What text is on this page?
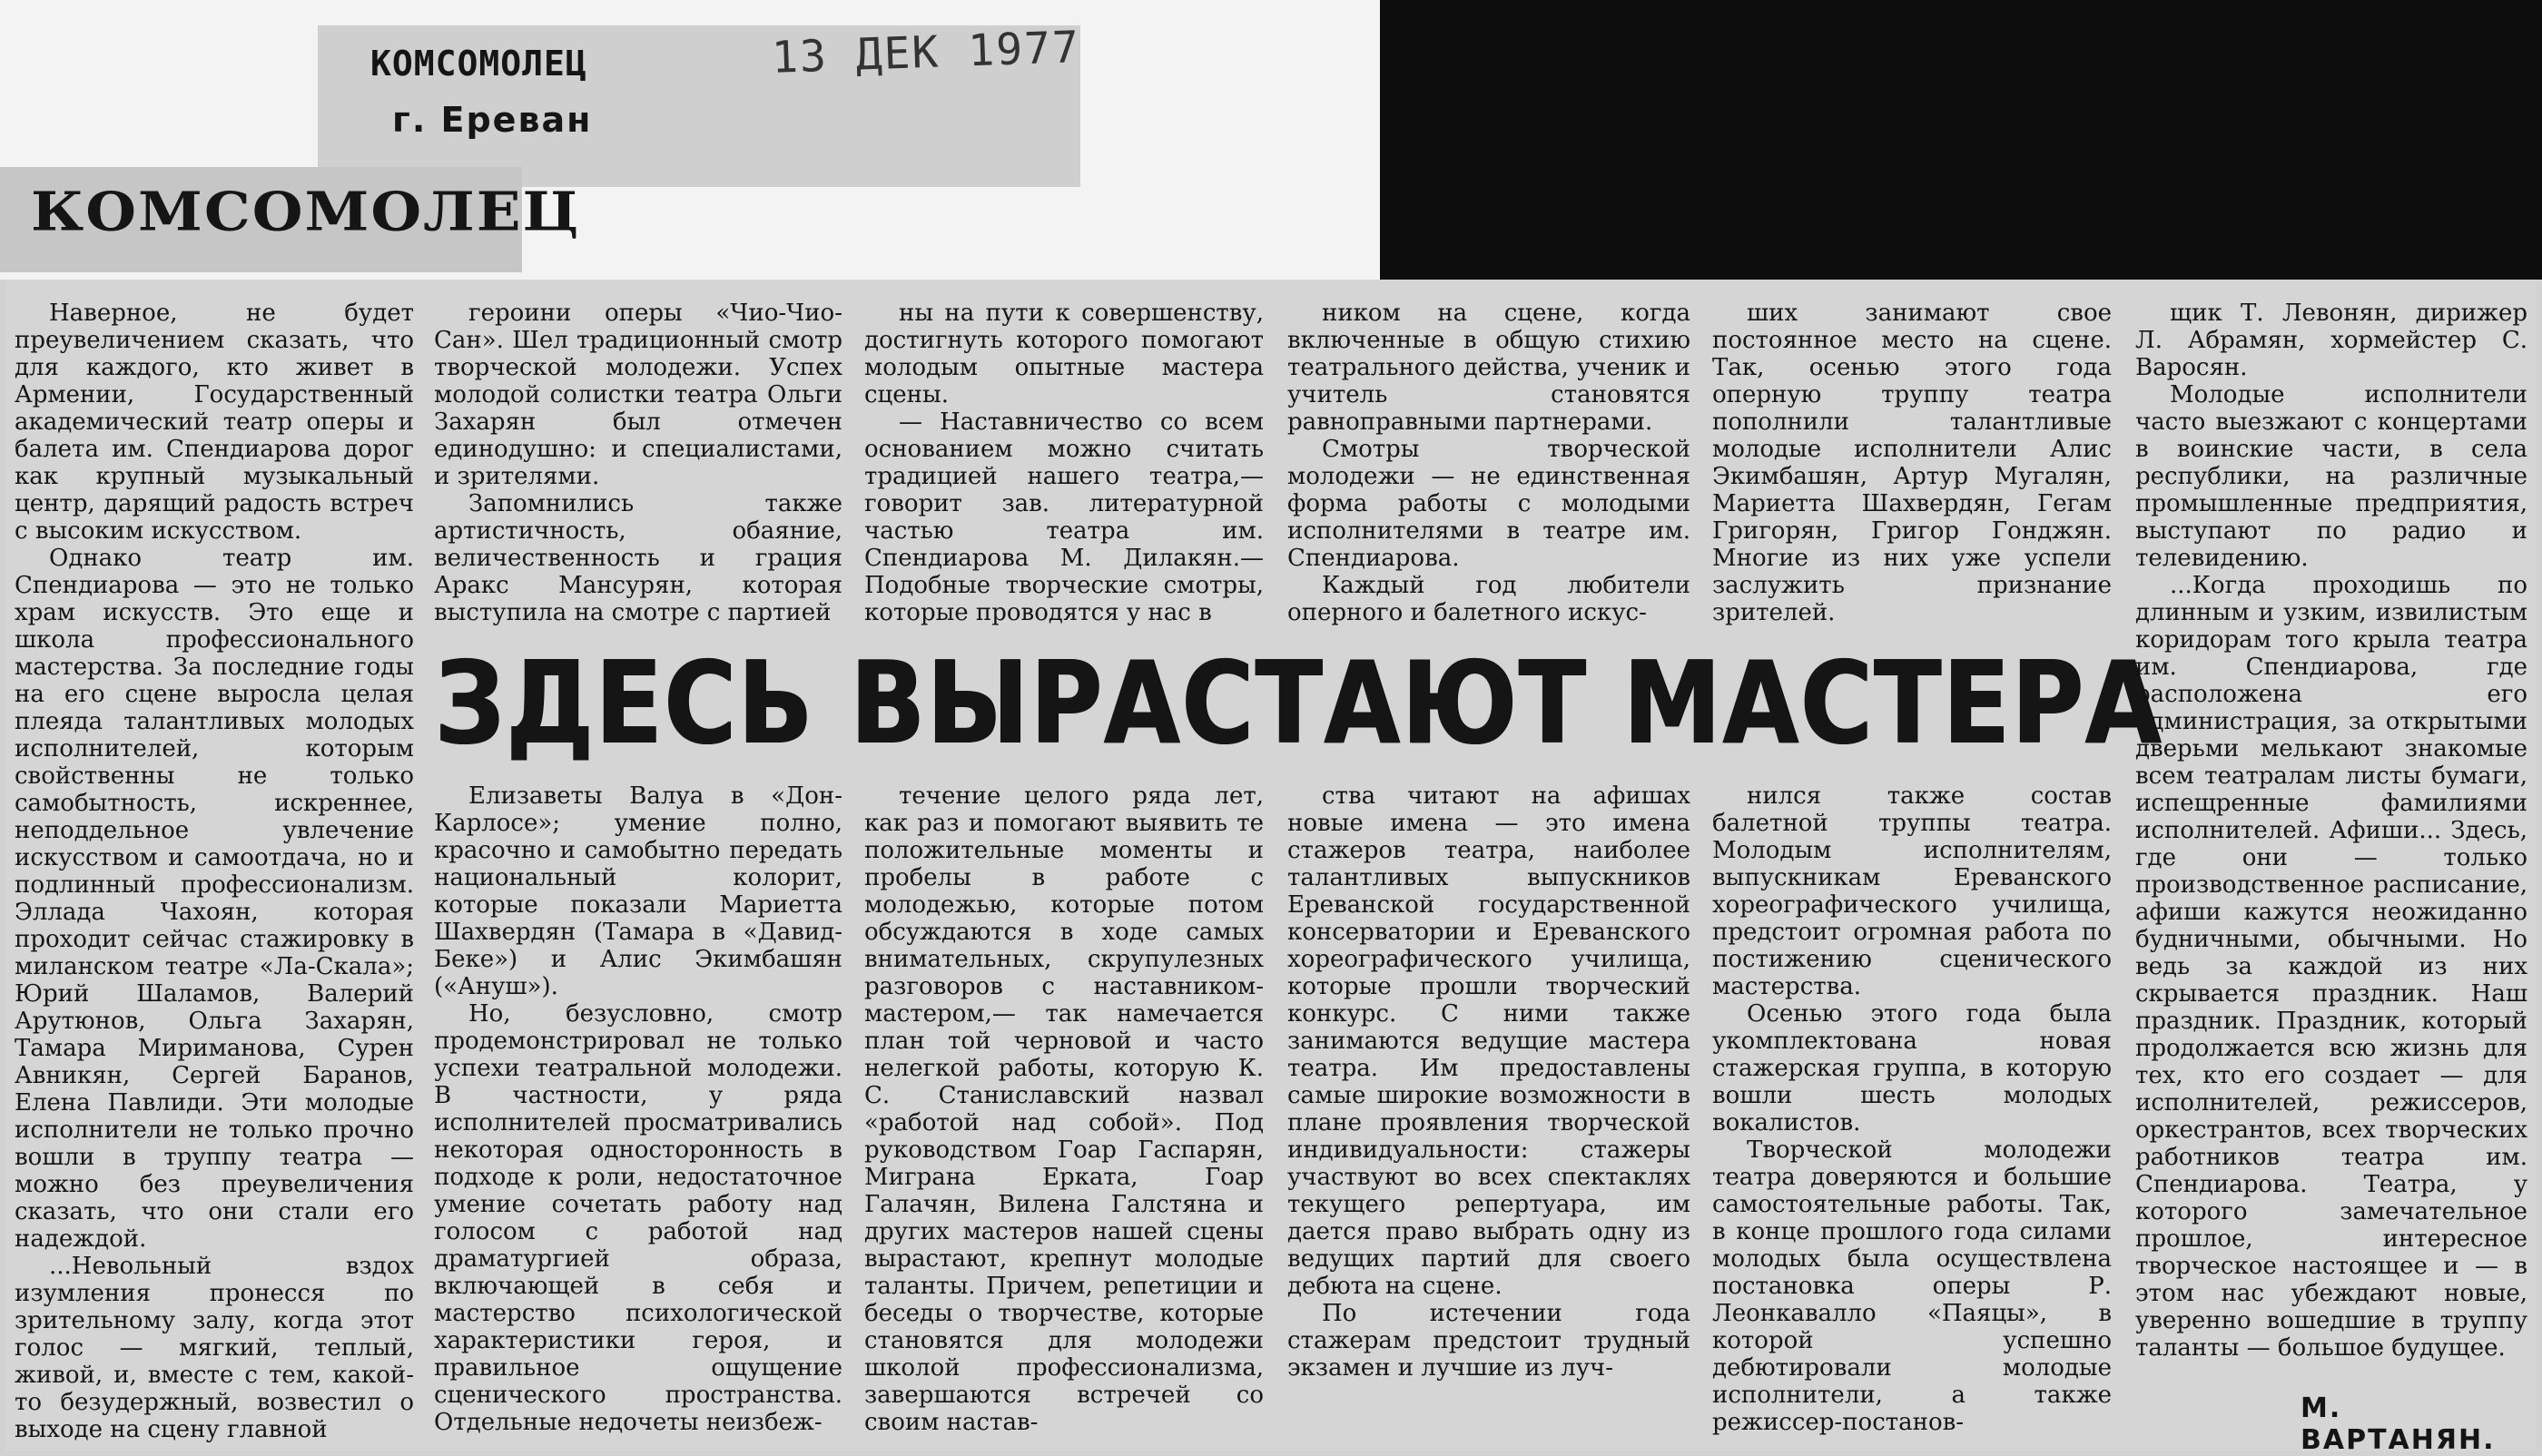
КОМСОМОЛЕЦ
г. Ереван
13 ДЕК 1977
КОМСОМОЛЕЦ

Наверное, не будет преувеличением сказать, что для каждого, кто живет в Армении, Государственный академический театр оперы и балета им. Спендиарова дорог как крупный музыкальный центр, дарящий радость встреч с высоким искусством.

Однако театр им. Спендиарова — это не только храм искусств. Это еще и школа профессионального мастерства. За последние годы на его сцене выросла целая плеяда талантливых молодых исполнителей, которым свойственны не только самобытность, искреннее, неподдельное увлечение искусством и самоотдача, но и подлинный профессионализм. Эллада Чахоян, которая проходит сейчас стажировку в миланском театре «Ла-Скала»; Юрий Шаламов, Валерий Арутюнов, Ольга Захарян, Тамара Мириманова, Сурен Авникян, Сергей Баранов, Елена Павлиди. Эти молодые исполнители не только прочно вошли в труппу театра — можно без преувеличения сказать, что они стали его надеждой.

...Невольный вздох изумления пронесся по зрительному залу, когда этот голос — мягкий, теплый, живой, и, вместе с тем, какой-то безудержный, возвестил о выходе на сцену главной

героини оперы «Чио-Чио-Сан». Шел традиционный смотр творческой молодежи. Успех молодой солистки театра Ольги Захарян был отмечен единодушно: и специалистами, и зрителями.

Запомнились также артистичность, обаяние, величественность и грация Аракс Мансурян, которая выступила на смотре с партией

ны на пути к совершенству, достигнуть которого помогают молодым опытные мастера сцены.

— Наставничество со всем основанием можно считать традицией нашего театра,— говорит зав. литературной частью театра им. Спендиарова М. Дилакян.— Подобные творческие смотры, которые проводятся у нас в

ником на сцене, когда включенные в общую стихию театрального действа, ученик и учитель становятся равноправными партнерами.

Смотры творческой молодежи — не единственная форма работы с молодыми исполнителями в театре им. Спендиарова.

Каждый год любители оперного и балетного искус-

ших занимают свое постоянное место на сцене. Так, осенью этого года оперную труппу театра пополнили талантливые молодые исполнители Алис Экимбашян, Артур Мугалян, Мариетта Шахвердян, Гегам Григорян, Григор Гонджян. Многие из них уже успели заслужить признание зрителей.

щик Т. Левонян, дирижер Л. Абрамян, хормейстер С. Варосян.

Молодые исполнители часто выезжают с концертами в воинские части, в села республики, на различные промышленные предприятия, выступают по радио и телевидению.

...Когда проходишь по длинным и узким, извилистым коридорам того крыла театра им. Спендиарова, где расположена его администрация, за открытыми дверьми мелькают знакомые всем театралам листы бумаги, испещренные фамилиями исполнителей. Афиши... Здесь, где они — только производственное расписание, афиши кажутся неожиданно будничными, обычными. Но ведь за каждой из них скрывается праздник. Наш праздник. Праздник, который продолжается всю жизнь для тех, кто его создает — для исполнителей, режиссеров, оркестрантов, всех творческих работников театра им. Спендиарова. Театра, у которого замечательное прошлое, интересное творческое настоящее и — в этом нас убеждают новые, уверенно вошедшие в труппу таланты — большое будущее.

ЗДЕСЬ ВЫРАСТАЮТ МАСТЕРА

Елизаветы Валуа в «Дон-Карлосе»; умение полно, красочно и самобытно передать национальный колорит, которые показали Мариетта Шахвердян (Тамара в «Давид-Беке») и Алис Экимбашян («Ануш»).

Но, безусловно, смотр продемонстрировал не только успехи театральной молодежи. В частности, у ряда исполнителей просматривались некоторая односторонность в подходе к роли, недостаточное умение сочетать работу над голосом с работой над драматургией образа, включающей в себя и мастерство психологической характеристики героя, и правильное ощущение сценического пространства. Отдельные недочеты неизбеж-

течение целого ряда лет, как раз и помогают выявить те положительные моменты и пробелы в работе с молодежью, которые потом обсуждаются в ходе самых внимательных, скрупулезных разговоров с наставником-мастером,— так намечается план той черновой и часто нелегкой работы, которую К. С. Станиславский назвал «работой над собой». Под руководством Гоар Гаспарян, Миграна Ерката, Гоар Галачян, Вилена Галстяна и других мастеров нашей сцены вырастают, крепнут молодые таланты. Причем, репетиции и беседы о творчестве, которые становятся для молодежи школой профессионализма, завершаются встречей со своим настав-

ства читают на афишах новые имена — это имена стажеров театра, наиболее талантливых выпускников Ереванской государственной консерватории и Ереванского хореографического училища, которые прошли творческий конкурс. С ними также занимаются ведущие мастера театра. Им предоставлены самые широкие возможности в плане проявления творческой индивидуальности: стажеры участвуют во всех спектаклях текущего репертуара, им дается право выбрать одну из ведущих партий для своего дебюта на сцене.

По истечении года стажерам предстоит трудный экзамен и лучшие из луч-

нился также состав балетной труппы театра. Молодым исполнителям, выпускникам Ереванского хореографического училища, предстоит огромная работа по постижению сценического мастерства.

Осенью этого года была укомплектована новая стажерская группа, в которую вошли шесть молодых вокалистов.

Творческой молодежи театра доверяются и большие самостоятельные работы. Так, в конце прошлого года силами молодых была осуществлена постановка оперы Р. Леонкавалло «Паяцы», в которой успешно дебютировали молодые исполнители, а также режиссер-постанов-	М. ВАРТАНЯН.
